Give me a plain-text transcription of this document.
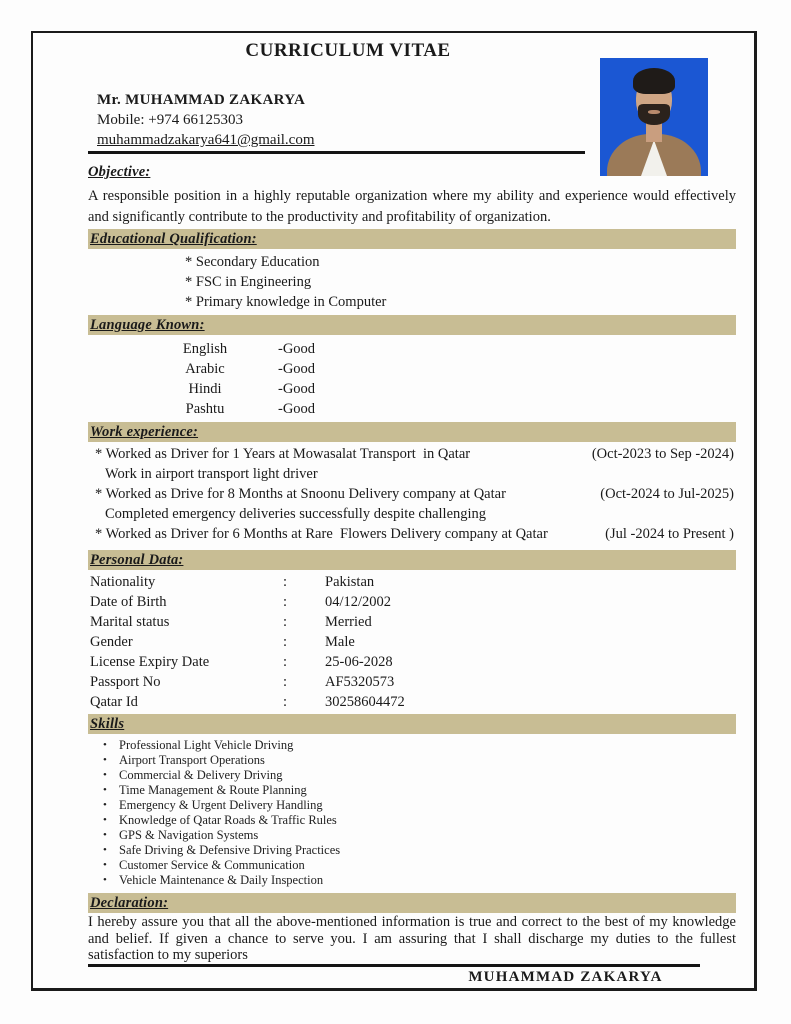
CURRICULUM VITAE
Mr. MUHAMMAD ZAKARYA
Mobile: +974 66125303
muhammadzakarya641@gmail.com
Objective:
A responsible position in a highly reputable organization where my ability and experience would effectively and significantly contribute to the productivity and profitability of organization.
Educational Qualification:
* Secondary Education
* FSC in Engineering
* Primary knowledge in Computer
Language Known:
English	-Good
Arabic	-Good
Hindi	-Good
Pashtu	-Good
Work experience:
* Worked as Driver for 1 Years at Mowasalat Transport  in Qatar	(Oct-2023 to Sep -2024)
Work in airport transport light driver
* Worked as Drive for 8 Months at Snoonu Delivery company at Qatar	(Oct-2024 to Jul-2025)
Completed emergency deliveries successfully despite challenging
* Worked as Driver for 6 Months at Rare  Flowers Delivery company at Qatar	(Jul -2024 to Present )
Personal Data:
Nationality	:	Pakistan
Date of Birth	:	04/12/2002
Marital status	:	Merried
Gender	:	Male
License Expiry Date	:	25-06-2028
Passport No	:	AF5320573
Qatar Id	:	30258604472
Skills
• Professional Light Vehicle Driving
• Airport Transport Operations
• Commercial & Delivery Driving
• Time Management & Route Planning
• Emergency & Urgent Delivery Handling
• Knowledge of Qatar Roads & Traffic Rules
• GPS & Navigation Systems
• Safe Driving & Defensive Driving Practices
• Customer Service & Communication
• Vehicle Maintenance & Daily Inspection
Declaration:
I hereby assure you that all the above-mentioned information is true and correct to the best of my knowledge and belief. If given a chance to serve you. I am assuring that I shall discharge my duties to the fullest satisfaction to my superiors
MUHAMMAD ZAKARYA
